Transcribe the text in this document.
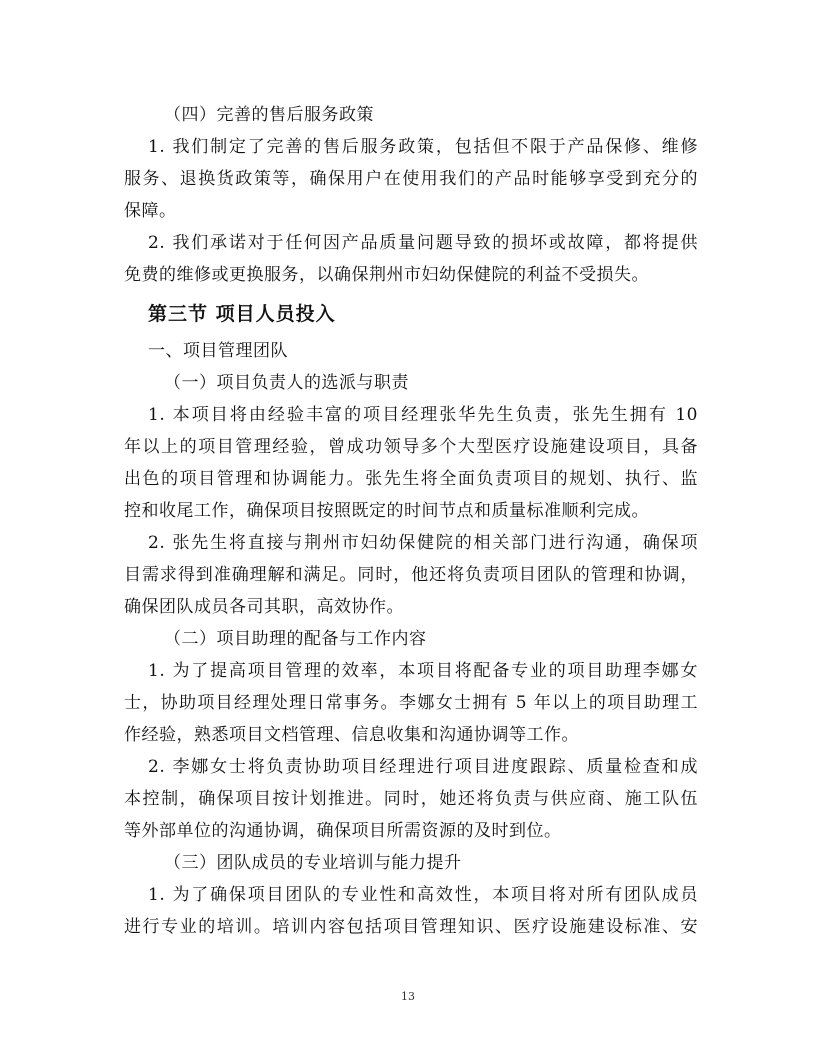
（四）完善的售后服务政策
1. 我们制定了完善的售后服务政策，包括但不限于产品保修、维修
服务、退换货政策等，确保用户在使用我们的产品时能够享受到充分的
保障。
2. 我们承诺对于任何因产品质量问题导致的损坏或故障，都将提供
免费的维修或更换服务，以确保荆州市妇幼保健院的利益不受损失。
第三节 项目人员投入
一、项目管理团队
（一）项目负责人的选派与职责
1. 本项目将由经验丰富的项目经理张华先生负责，张先生拥有 10
年以上的项目管理经验，曾成功领导多个大型医疗设施建设项目，具备
出色的项目管理和协调能力。张先生将全面负责项目的规划、执行、监
控和收尾工作，确保项目按照既定的时间节点和质量标准顺利完成。
2. 张先生将直接与荆州市妇幼保健院的相关部门进行沟通，确保项
目需求得到准确理解和满足。同时，他还将负责项目团队的管理和协调，
确保团队成员各司其职，高效协作。
（二）项目助理的配备与工作内容
1. 为了提高项目管理的效率，本项目将配备专业的项目助理李娜女
士，协助项目经理处理日常事务。李娜女士拥有 5 年以上的项目助理工
作经验，熟悉项目文档管理、信息收集和沟通协调等工作。
2. 李娜女士将负责协助项目经理进行项目进度跟踪、质量检查和成
本控制，确保项目按计划推进。同时，她还将负责与供应商、施工队伍
等外部单位的沟通协调，确保项目所需资源的及时到位。
（三）团队成员的专业培训与能力提升
1. 为了确保项目团队的专业性和高效性，本项目将对所有团队成员
进行专业的培训。培训内容包括项目管理知识、医疗设施建设标准、安
13
